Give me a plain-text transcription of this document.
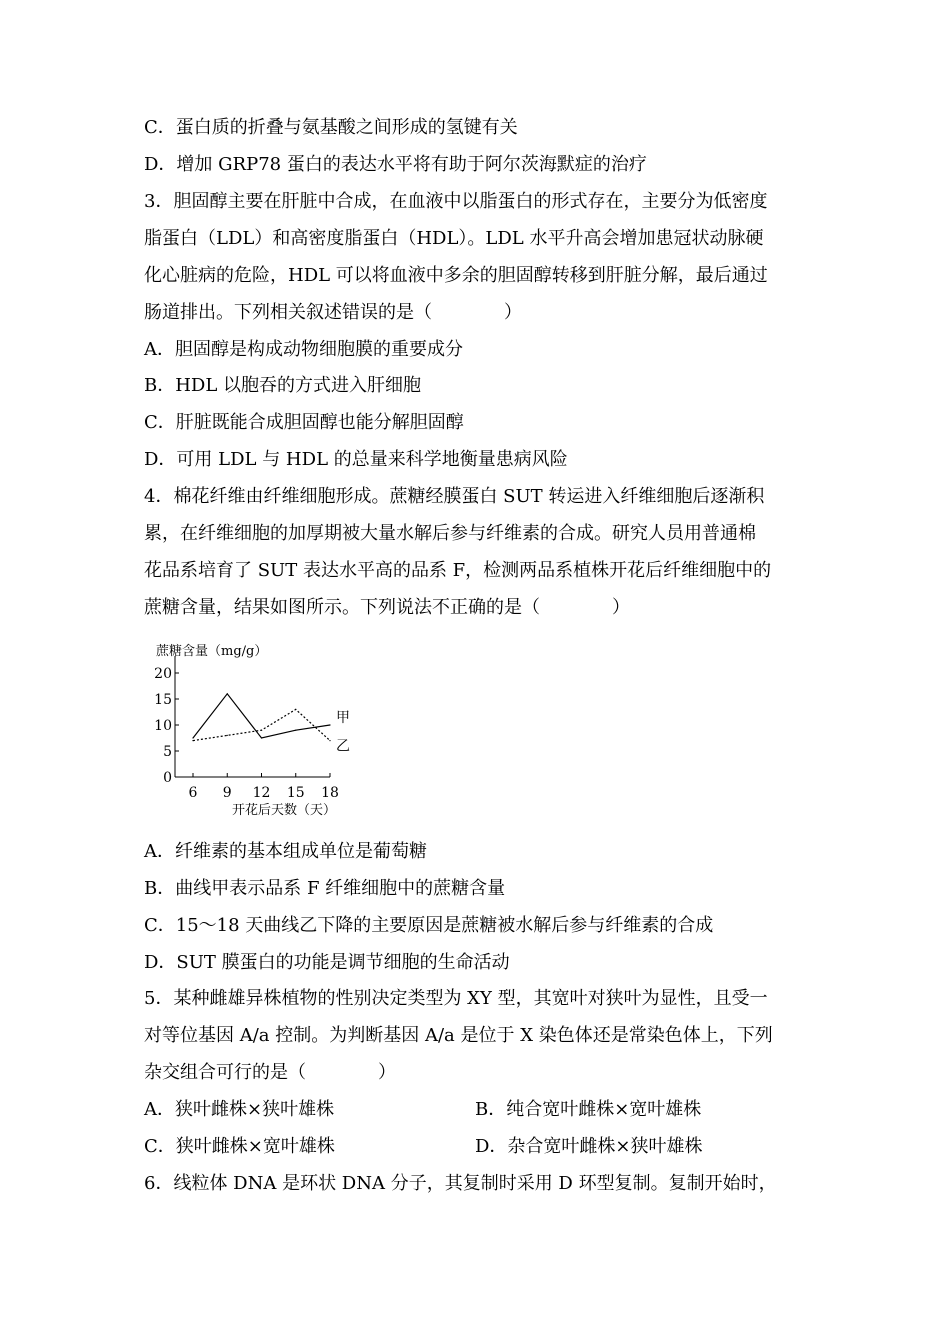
C．蛋白质的折叠与氨基酸之间形成的氢键有关
D．增加 GRP78 蛋白的表达水平将有助于阿尔茨海默症的治疗
3．胆固醇主要在肝脏中合成，在血液中以脂蛋白的形式存在，主要分为低密度
脂蛋白（LDL）和高密度脂蛋白（HDL）。LDL 水平升高会增加患冠状动脉硬
化心脏病的危险，HDL 可以将血液中多余的胆固醇转移到肝脏分解，最后通过
肠道排出。下列相关叙述错误的是（　　　　）
A．胆固醇是构成动物细胞膜的重要成分
B．HDL 以胞吞的方式进入肝细胞
C．肝脏既能合成胆固醇也能分解胆固醇
D．可用 LDL 与 HDL 的总量来科学地衡量患病风险
4．棉花纤维由纤维细胞形成。蔗糖经膜蛋白 SUT 转运进入纤维细胞后逐渐积
累，在纤维细胞的加厚期被大量水解后参与纤维素的合成。研究人员用普通棉
花品系培育了 SUT 表达水平高的品系 F，检测两品系植株开花后纤维细胞中的
蔗糖含量，结果如图所示。下列说法不正确的是（　　　　）
蔗糖含量（mg/g）
开花后天数（天）
0
5
10
15
20
6 9 12 15 18
甲
乙
A．纤维素的基本组成单位是葡萄糖
B．曲线甲表示品系 F 纤维细胞中的蔗糖含量
C．15～18 天曲线乙下降的主要原因是蔗糖被水解后参与纤维素的合成
D．SUT 膜蛋白的功能是调节细胞的生命活动
5．某种雌雄异株植物的性别决定类型为 XY 型，其宽叶对狭叶为显性，且受一
对等位基因 A/a 控制。为判断基因 A/a 是位于 X 染色体还是常染色体上，下列
杂交组合可行的是（　　　　）
A．狭叶雌株×狭叶雄株	B．纯合宽叶雌株×宽叶雄株
C．狭叶雌株×宽叶雄株	D．杂合宽叶雌株×狭叶雄株
6．线粒体 DNA 是环状 DNA 分子，其复制时采用 D 环型复制。复制开始时，
